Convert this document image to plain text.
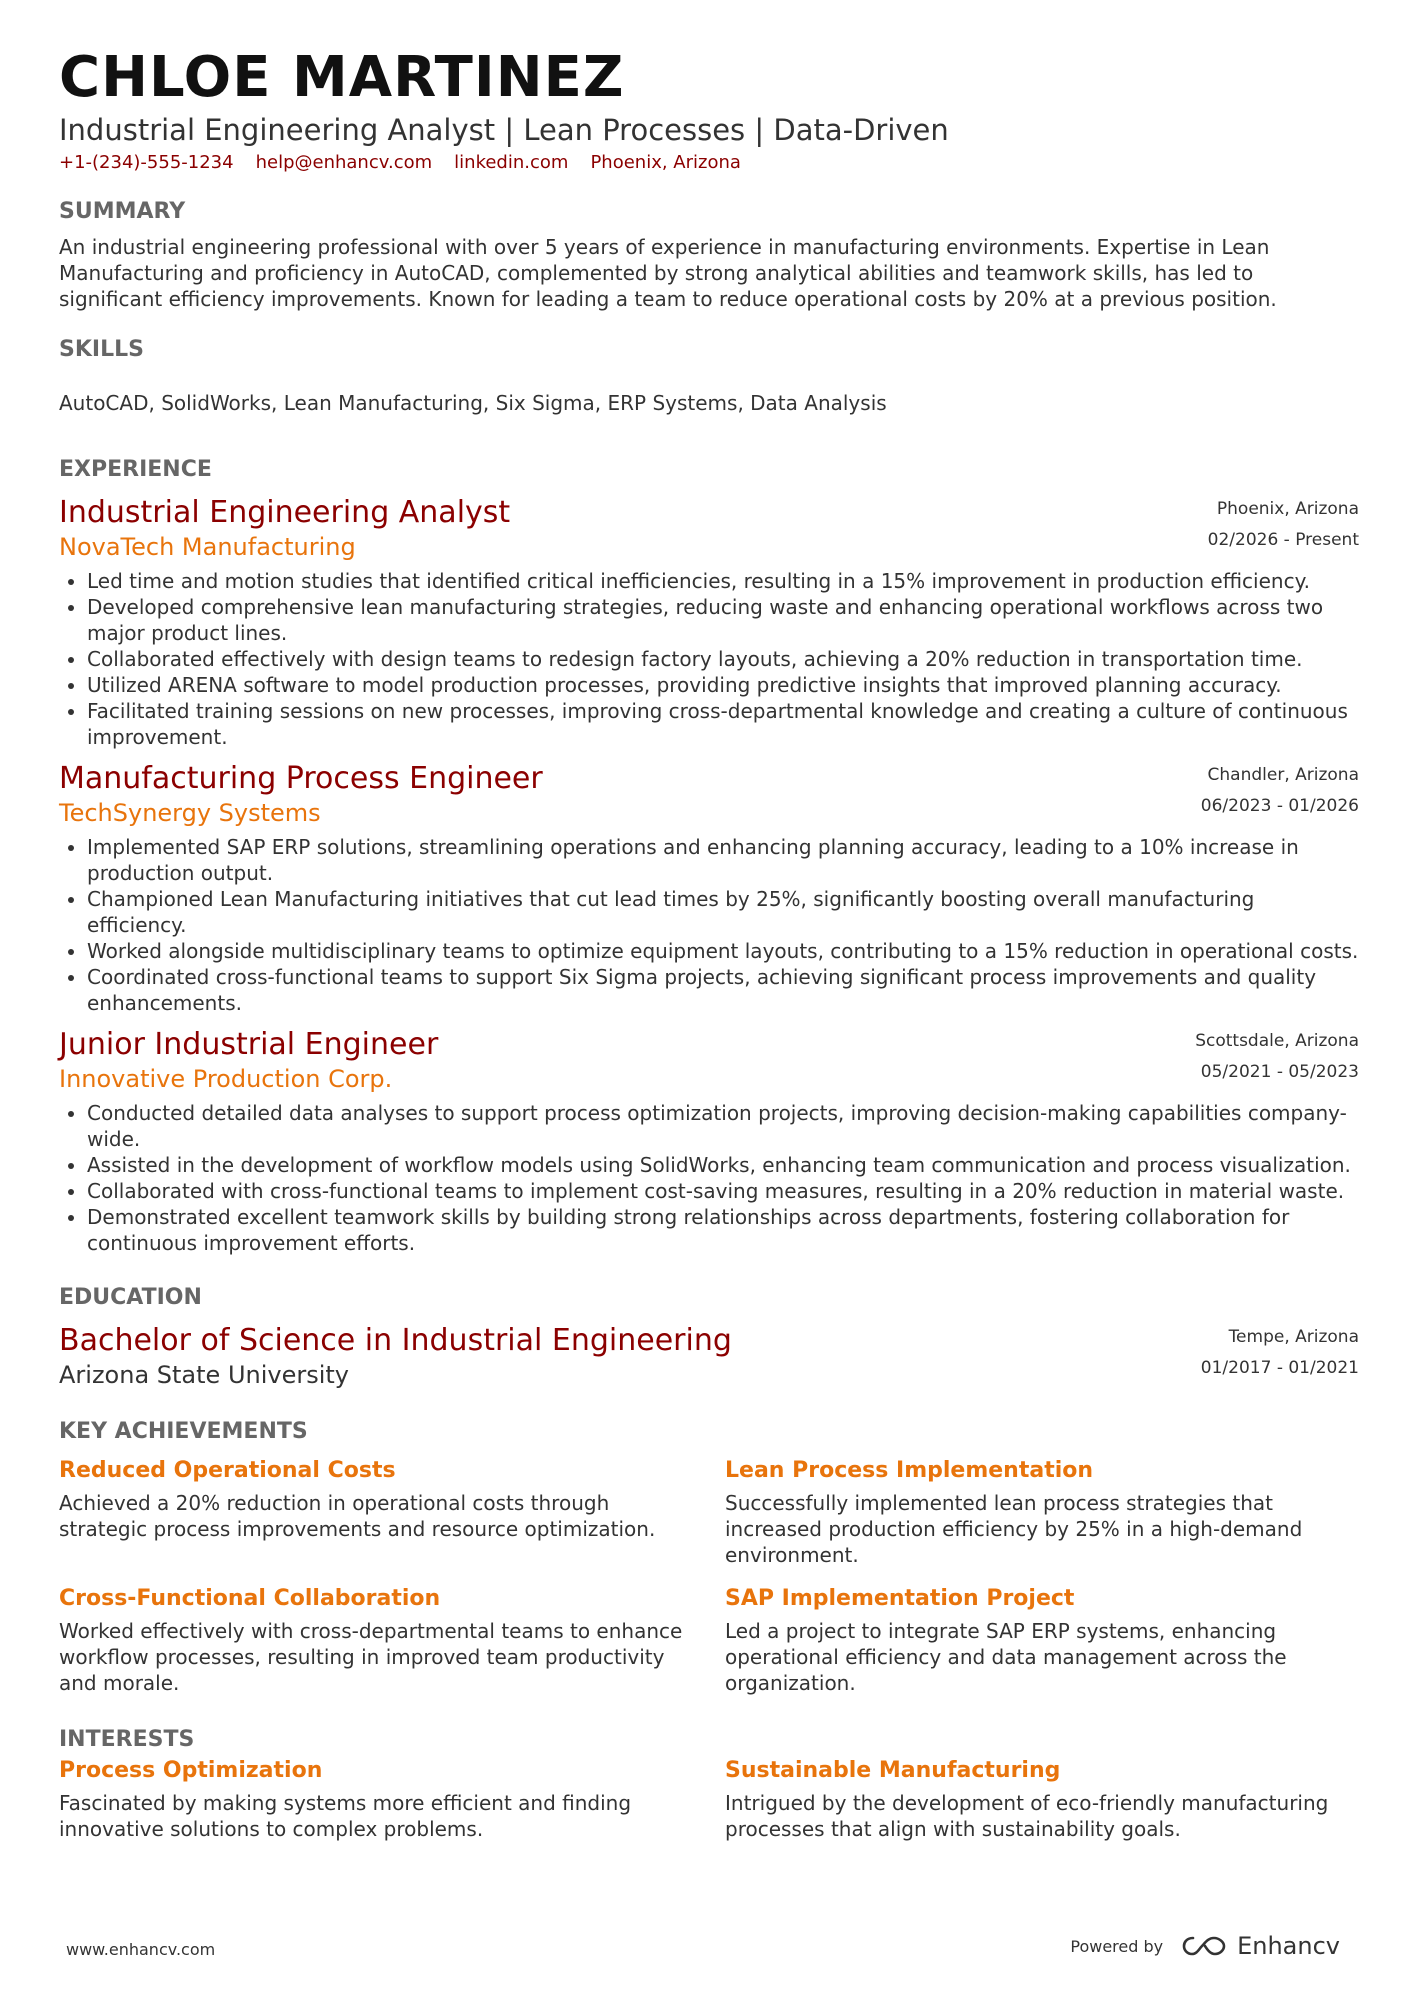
CHLOE MARTINEZ
Industrial Engineering Analyst | Lean Processes | Data-Driven
+1-(234)-555-1234 help@enhancv.com linkedin.com Phoenix, Arizona
SUMMARY
An industrial engineering professional with over 5 years of experience in manufacturing environments. Expertise in Lean Manufacturing and proficiency in AutoCAD, complemented by strong analytical abilities and teamwork skills, has led to significant efficiency improvements. Known for leading a team to reduce operational costs by 20% at a previous position.
SKILLS
AutoCAD, SolidWorks, Lean Manufacturing, Six Sigma, ERP Systems, Data Analysis
EXPERIENCE
Industrial Engineering Analyst
NovaTech Manufacturing
Phoenix, Arizona
02/2026 - Present
• Led time and motion studies that identified critical inefficiencies, resulting in a 15% improvement in production efficiency.
• Developed comprehensive lean manufacturing strategies, reducing waste and enhancing operational workflows across two major product lines.
• Collaborated effectively with design teams to redesign factory layouts, achieving a 20% reduction in transportation time.
• Utilized ARENA software to model production processes, providing predictive insights that improved planning accuracy.
• Facilitated training sessions on new processes, improving cross-departmental knowledge and creating a culture of continuous improvement.
Manufacturing Process Engineer
TechSynergy Systems
Chandler, Arizona
06/2023 - 01/2026
• Implemented SAP ERP solutions, streamlining operations and enhancing planning accuracy, leading to a 10% increase in production output.
• Championed Lean Manufacturing initiatives that cut lead times by 25%, significantly boosting overall manufacturing efficiency.
• Worked alongside multidisciplinary teams to optimize equipment layouts, contributing to a 15% reduction in operational costs.
• Coordinated cross-functional teams to support Six Sigma projects, achieving significant process improvements and quality enhancements.
Junior Industrial Engineer
Innovative Production Corp.
Scottsdale, Arizona
05/2021 - 05/2023
• Conducted detailed data analyses to support process optimization projects, improving decision-making capabilities company-wide.
• Assisted in the development of workflow models using SolidWorks, enhancing team communication and process visualization.
• Collaborated with cross-functional teams to implement cost-saving measures, resulting in a 20% reduction in material waste.
• Demonstrated excellent teamwork skills by building strong relationships across departments, fostering collaboration for continuous improvement efforts.
EDUCATION
Bachelor of Science in Industrial Engineering
Arizona State University
Tempe, Arizona
01/2017 - 01/2021
KEY ACHIEVEMENTS
Reduced Operational Costs
Achieved a 20% reduction in operational costs through strategic process improvements and resource optimization.
Lean Process Implementation
Successfully implemented lean process strategies that increased production efficiency by 25% in a high-demand environment.
Cross-Functional Collaboration
Worked effectively with cross-departmental teams to enhance workflow processes, resulting in improved team productivity and morale.
SAP Implementation Project
Led a project to integrate SAP ERP systems, enhancing operational efficiency and data management across the organization.
INTERESTS
Process Optimization
Fascinated by making systems more efficient and finding innovative solutions to complex problems.
Sustainable Manufacturing
Intrigued by the development of eco-friendly manufacturing processes that align with sustainability goals.
www.enhancv.com	Powered by	Enhancv
